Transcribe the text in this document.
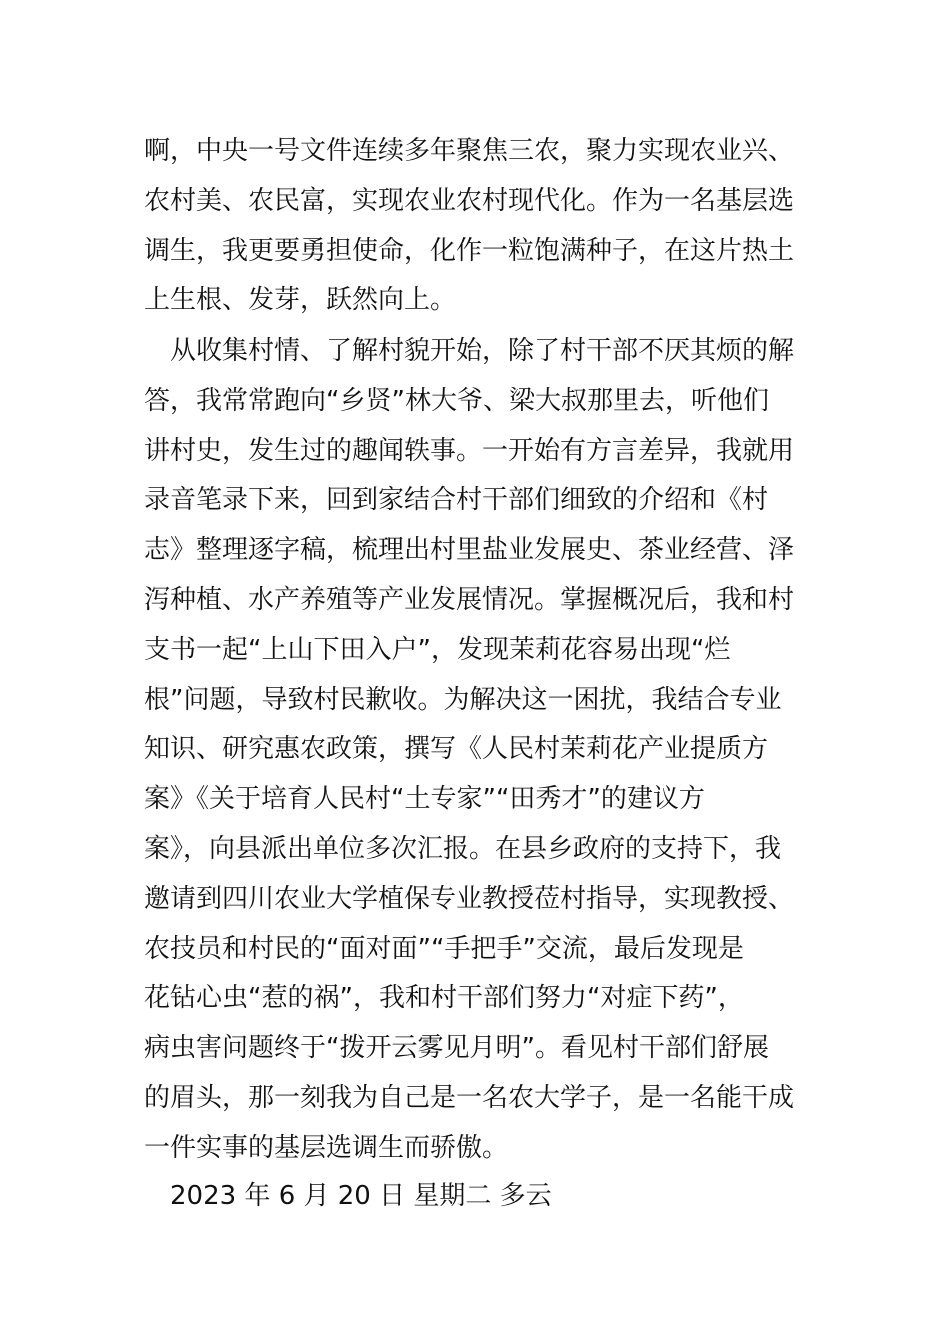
啊，中央一号文件连续多年聚焦三农，聚力实现农业兴、
农村美、农民富，实现农业农村现代化。作为一名基层选
调生，我更要勇担使命，化作一粒饱满种子，在这片热土
上生根、发芽，跃然向上。
从收集村情、了解村貌开始，除了村干部不厌其烦的解
答，我常常跑向“乡贤”林大爷、梁大叔那里去，听他们
讲村史，发生过的趣闻轶事。一开始有方言差异，我就用
录音笔录下来，回到家结合村干部们细致的介绍和《村
志》整理逐字稿，梳理出村里盐业发展史、茶业经营、泽
泻种植、水产养殖等产业发展情况。掌握概况后，我和村
支书一起“上山下田入户”，发现茉莉花容易出现“烂
根”问题，导致村民歉收。为解决这一困扰，我结合专业
知识、研究惠农政策，撰写《人民村茉莉花产业提质方
案》《关于培育人民村“土专家”“田秀才”的建议方
案》，向县派出单位多次汇报。在县乡政府的支持下，我
邀请到四川农业大学植保专业教授莅村指导，实现教授、
农技员和村民的“面对面”“手把手”交流，最后发现是
花钻心虫“惹的祸”，我和村干部们努力“对症下药”，
病虫害问题终于“拨开云雾见月明”。看见村干部们舒展
的眉头，那一刻我为自己是一名农大学子，是一名能干成
一件实事的基层选调生而骄傲。
2023 年 6 月 20 日 星期二 多云
